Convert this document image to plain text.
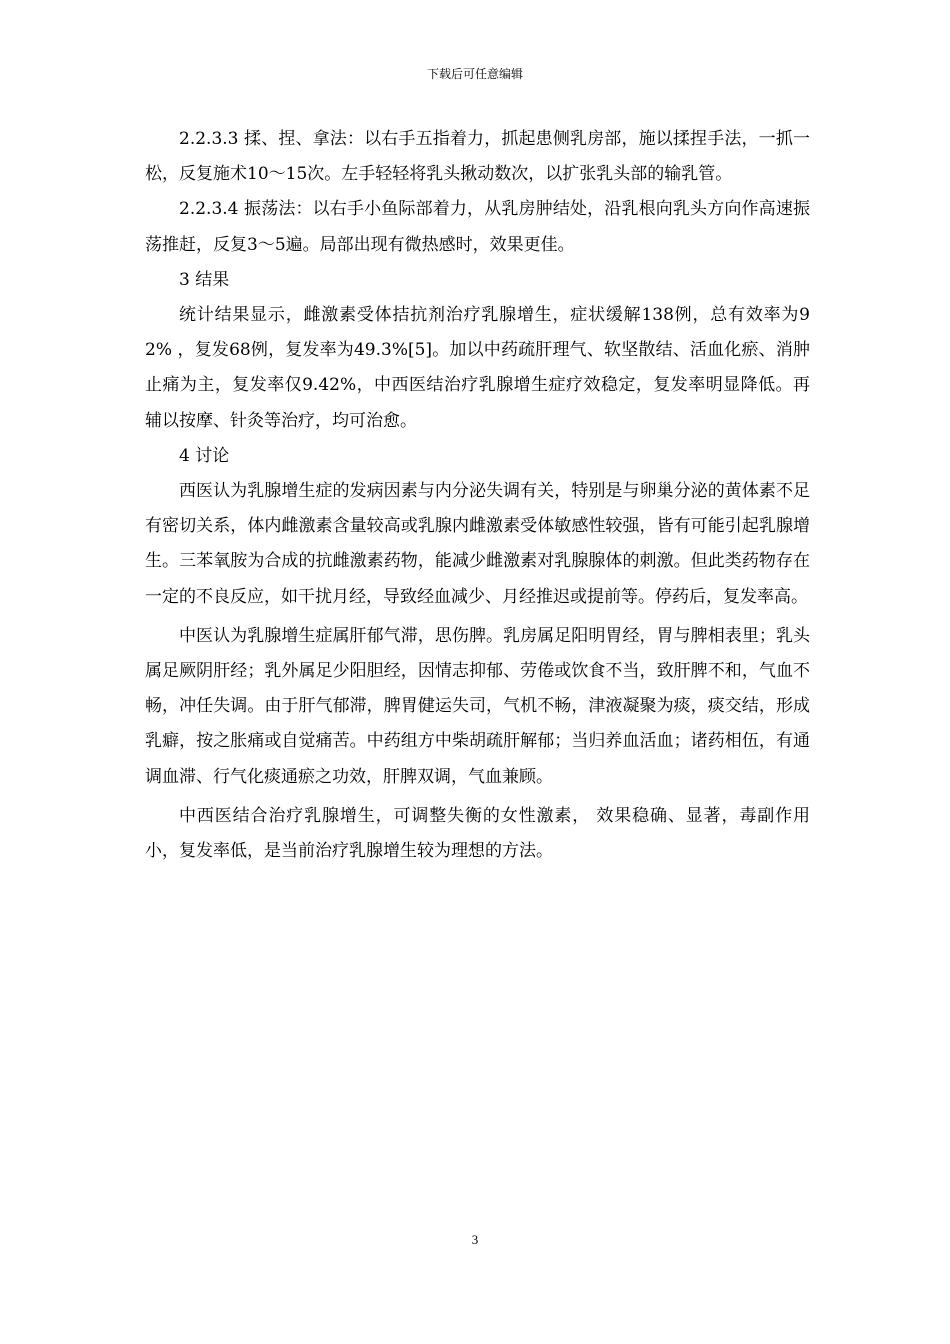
下载后可任意编辑

2.2.3.3 揉、捏、拿法：以右手五指着力，抓起患侧乳房部，施以揉捏手法，一抓一松，反复施术10～15次。左手轻轻将乳头揪动数次，以扩张乳头部的输乳管。

2.2.3.4 振荡法：以右手小鱼际部着力，从乳房肿结处，沿乳根向乳头方向作高速振荡推赶，反复3～5遍。局部出现有微热感时，效果更佳。

3 结果

统计结果显示，雌激素受体拮抗剂治疗乳腺增生，症状缓解138例，总有效率为92% ，复发68例，复发率为49.3%[5]。加以中药疏肝理气、软坚散结、活血化瘀、消肿止痛为主，复发率仅9.42%，中西医结治疗乳腺增生症疗效稳定，复发率明显降低。再辅以按摩、针灸等治疗，均可治愈。

4 讨论

西医认为乳腺增生症的发病因素与内分泌失调有关，特别是与卵巢分泌的黄体素不足有密切关系，体内雌激素含量较高或乳腺内雌激素受体敏感性较强，皆有可能引起乳腺增生。三苯氧胺为合成的抗雌激素药物，能减少雌激素对乳腺腺体的刺激。但此类药物存在一定的不良反应，如干扰月经，导致经血减少、月经推迟或提前等。停药后，复发率高。

中医认为乳腺增生症属肝郁气滞，思伤脾。乳房属足阳明胃经，胃与脾相表里；乳头属足厥阴肝经；乳外属足少阳胆经，因情志抑郁、劳倦或饮食不当，致肝脾不和，气血不畅，冲任失调。由于肝气郁滞，脾胃健运失司，气机不畅，津液凝聚为痰，痰交结，形成乳癖，按之胀痛或自觉痛苦。中药组方中柴胡疏肝解郁；当归养血活血；诸药相伍，有通调血滞、行气化痰通瘀之功效，肝脾双调，气血兼顾。

中西医结合治疗乳腺增生，可调整失衡的女性激素， 效果稳确、显著，毒副作用小，复发率低，是当前治疗乳腺增生较为理想的方法。

3
